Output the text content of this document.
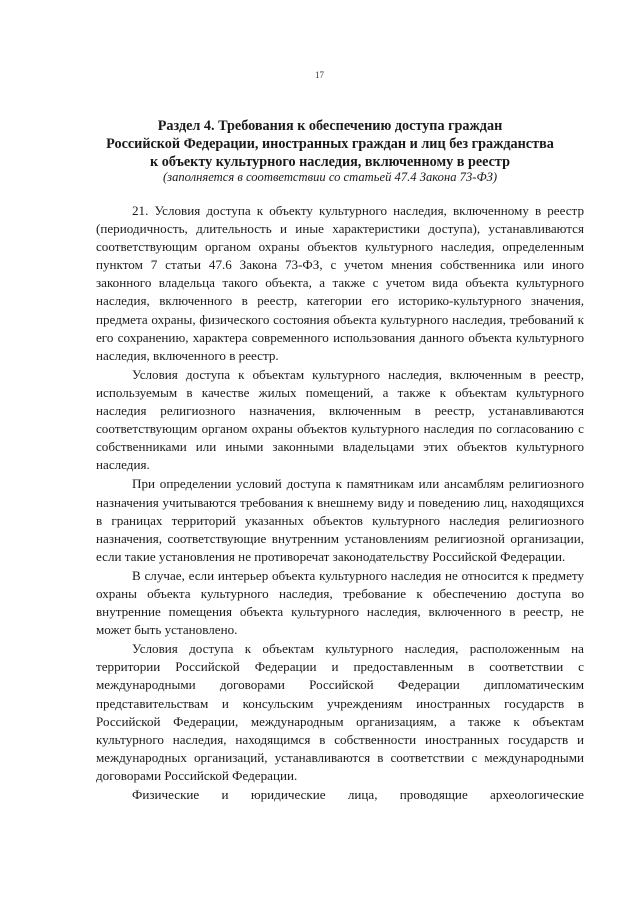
17
Раздел 4. Требования к обеспечению доступа граждан
Российской Федерации, иностранных граждан и лиц без гражданства
к объекту культурного наследия, включенному в реестр
(заполняется в соответствии со статьей 47.4 Закона 73-ФЗ)

21. Условия доступа к объекту культурного наследия, включенному в реестр (периодичность, длительность и иные характеристики доступа), устанавливаются соответствующим органом охраны объектов культурного наследия, определенным пунктом 7 статьи 47.6 Закона 73-ФЗ, с учетом мнения собственника или иного законного владельца такого объекта, а также с учетом вида объекта культурного наследия, включенного в реестр, категории его историко-культурного значения, предмета охраны, физического состояния объекта культурного наследия, требований к его сохранению, характера современного использования данного объекта культурного наследия, включенного в реестр.

Условия доступа к объектам культурного наследия, включенным в реестр, используемым в качестве жилых помещений, а также к объектам культурного наследия религиозного назначения, включенным в реестр, устанавливаются соответствующим органом охраны объектов культурного наследия по согласованию с собственниками или иными законными владельцами этих объектов культурного наследия.

При определении условий доступа к памятникам или ансамблям религиозного назначения учитываются требования к внешнему виду и поведению лиц, находящихся в границах территорий указанных объектов культурного наследия религиозного назначения, соответствующие внутренним установлениям религиозной организации, если такие установления не противоречат законодательству Российской Федерации.

В случае, если интерьер объекта культурного наследия не относится к предмету охраны объекта культурного наследия, требование к обеспечению доступа во внутренние помещения объекта культурного наследия, включенного в реестр, не может быть установлено.

Условия доступа к объектам культурного наследия, расположенным на территории Российской Федерации и предоставленным в соответствии с международными договорами Российской Федерации дипломатическим представительствам и консульским учреждениям иностранных государств в Российской Федерации, международным организациям, а также к объектам культурного наследия, находящимся в собственности иностранных государств и международных организаций, устанавливаются в соответствии с международными договорами Российской Федерации.

Физические и юридические лица, проводящие археологические
